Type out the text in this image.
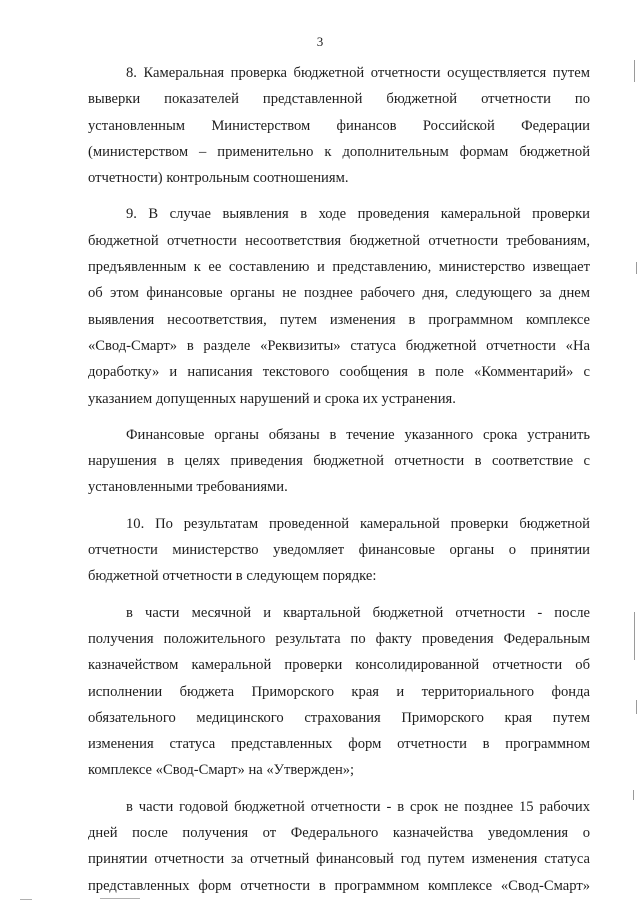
3

8. Камеральная проверка бюджетной отчетности осуществляется путем
выверки показателей представленной бюджетной отчетности по
установленным Министерством финансов Российской Федерации
(министерством – применительно к дополнительным формам бюджетной
отчетности) контрольным соотношениям.

9. В случае выявления в ходе проведения камеральной проверки
бюджетной отчетности несоответствия бюджетной отчетности требованиям,
предъявленным к ее составлению и представлению, министерство извещает
об этом финансовые органы не позднее рабочего дня, следующего за днем
выявления несоответствия, путем изменения в программном комплексе
«Свод-Смарт» в разделе «Реквизиты» статуса бюджетной отчетности «На
доработку» и написания текстового сообщения в поле «Комментарий» с
указанием допущенных нарушений и срока их устранения.

Финансовые органы обязаны в течение указанного срока устранить
нарушения в целях приведения бюджетной отчетности в соответствие с
установленными требованиями.

10. По результатам проведенной камеральной проверки бюджетной
отчетности министерство уведомляет финансовые органы о принятии
бюджетной отчетности в следующем порядке:

в части месячной и квартальной бюджетной отчетности - после
получения положительного результата по факту проведения Федеральным
казначейством камеральной проверки консолидированной отчетности об
исполнении бюджета Приморского края и территориального фонда
обязательного медицинского страхования Приморского края путем
изменения статуса представленных форм отчетности в программном
комплексе «Свод-Смарт» на «Утвержден»;

в части годовой бюджетной отчетности - в срок не позднее 15 рабочих
дней после получения от Федерального казначейства уведомления о
принятии отчетности за отчетный финансовый год путем изменения статуса
представленных форм отчетности в программном комплексе «Свод-Смарт»
